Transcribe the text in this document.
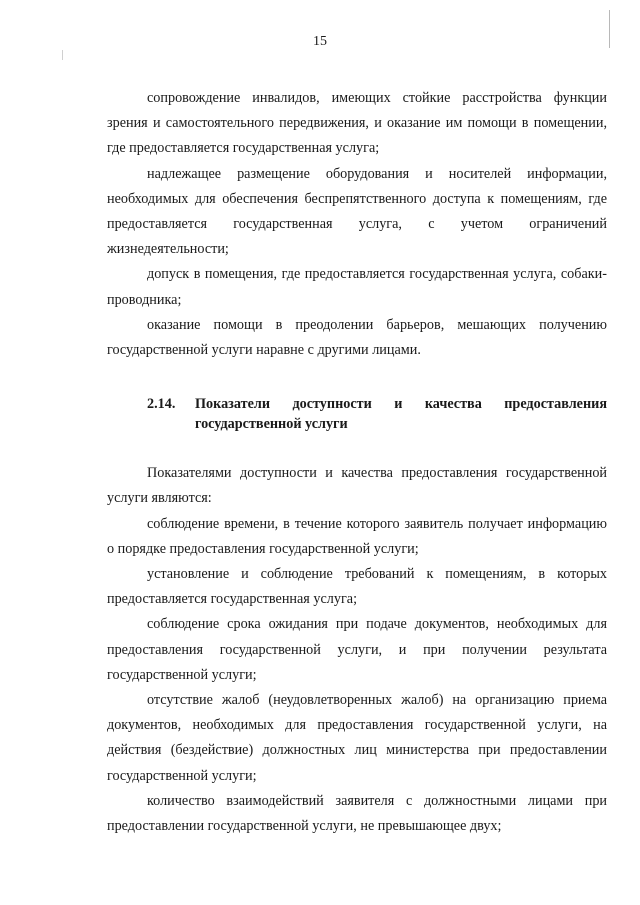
15

сопровождение инвалидов, имеющих стойкие расстройства функции зрения и самостоятельного передвижения, и оказание им помощи в помещении, где предоставляется государственная услуга;

надлежащее размещение оборудования и носителей информации, необходимых для обеспечения беспрепятственного доступа к помещениям, где предоставляется государственная услуга, с учетом ограничений жизнедеятельности;

допуск в помещения, где предоставляется государственная услуга, собаки-проводника;

оказание помощи в преодолении барьеров, мешающих получению государственной услуги наравне с другими лицами.

2.14. Показатели доступности и качества предоставления государственной услуги

Показателями доступности и качества предоставления государственной услуги являются:

соблюдение времени, в течение которого заявитель получает информацию о порядке предоставления государственной услуги;

установление и соблюдение требований к помещениям, в которых предоставляется государственная услуга;

соблюдение срока ожидания при подаче документов, необходимых для предоставления государственной услуги, и при получении результата государственной услуги;

отсутствие жалоб (неудовлетворенных жалоб) на организацию приема документов, необходимых для предоставления государственной услуги, на действия (бездействие) должностных лиц министерства при предоставлении государственной услуги;

количество взаимодействий заявителя с должностными лицами при предоставлении государственной услуги, не превышающее двух;
